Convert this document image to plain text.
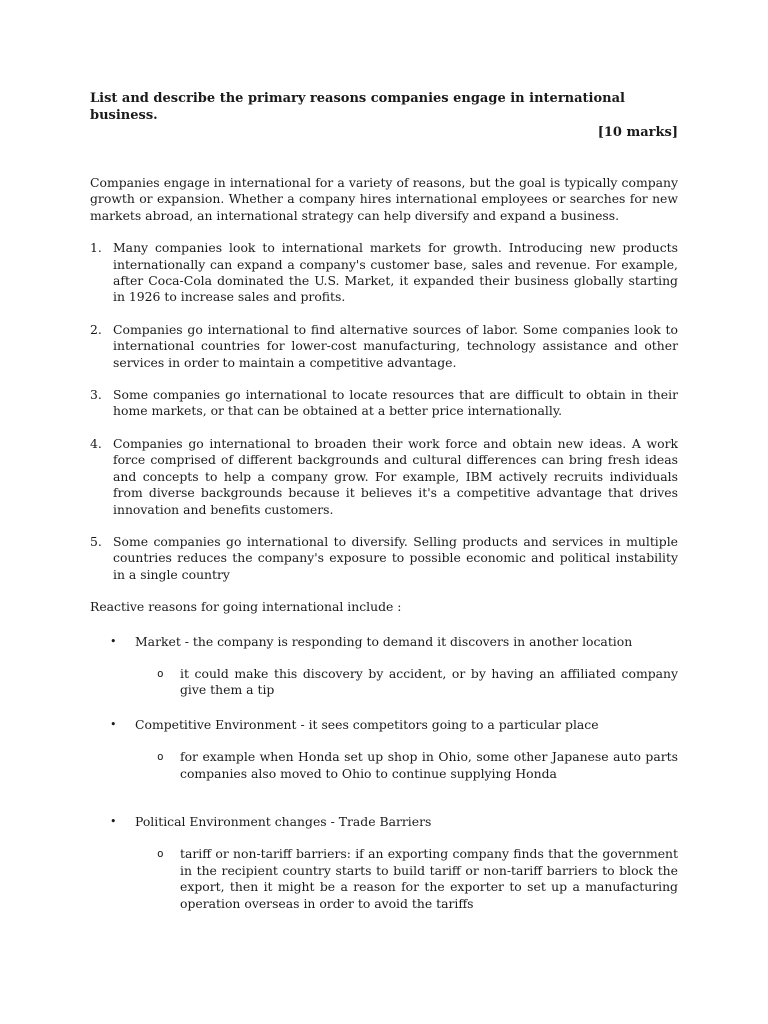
List and describe the primary reasons companies engage in international business.

[10 marks]

Companies engage in international for a variety of reasons, but the goal is typically company growth or expansion. Whether a company hires international employees or searches for new markets abroad, an international strategy can help diversify and expand a business.

1. Many companies look to international markets for growth. Introducing new products internationally can expand a company's customer base, sales and revenue. For example, after Coca-Cola dominated the U.S. Market, it expanded their business globally starting in 1926 to increase sales and profits.
2. Companies go international to find alternative sources of labor. Some companies look to international countries for lower-cost manufacturing, technology assistance and other services in order to maintain a competitive advantage.
3. Some companies go international to locate resources that are difficult to obtain in their home markets, or that can be obtained at a better price internationally.
4. Companies go international to broaden their work force and obtain new ideas. A work force comprised of different backgrounds and cultural differences can bring fresh ideas and concepts to help a company grow. For example, IBM actively recruits individuals from diverse backgrounds because it believes it's a competitive advantage that drives innovation and benefits customers.
5. Some companies go international to diversify. Selling products and services in multiple countries reduces the company's exposure to possible economic and political instability in a single country

Reactive reasons for going international include :

• Market - the company is responding to demand it discovers in another location
o it could make this discovery by accident, or by having an affiliated company give them a tip
• Competitive Environment - it sees competitors going to a particular place
o for example when Honda set up shop in Ohio, some other Japanese auto parts companies also moved to Ohio to continue supplying Honda
• Political Environment changes - Trade Barriers
o tariff or non-tariff barriers: if an exporting company finds that the government in the recipient country starts to build tariff or non-tariff barriers to block the export, then it might be a reason for the exporter to set up a manufacturing operation overseas in order to avoid the tariffs
